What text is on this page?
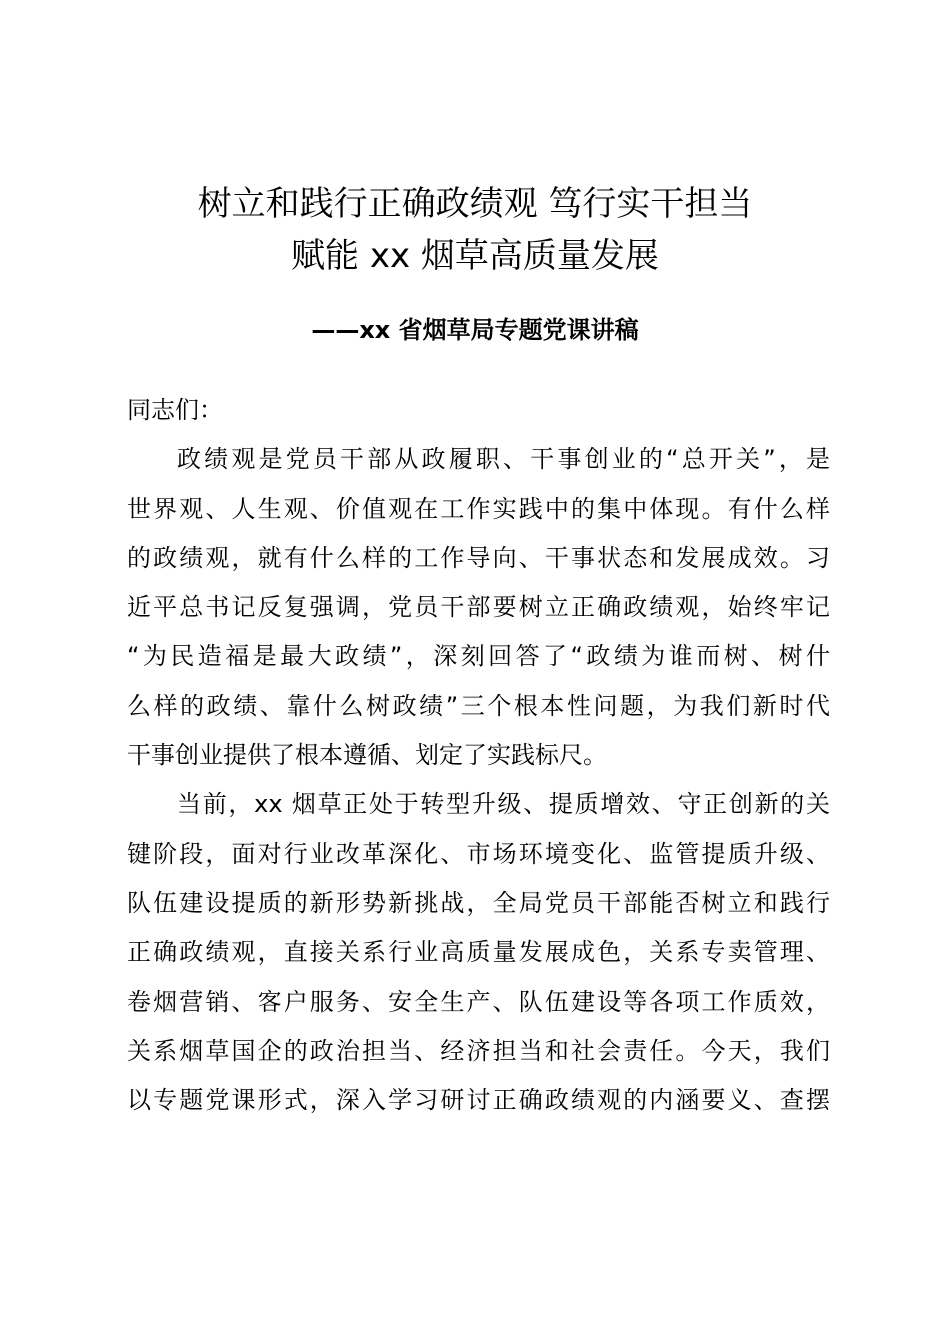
树立和践行正确政绩观 笃行实干担当
赋能 xx 烟草高质量发展
——xx 省烟草局专题党课讲稿

同志们：

政绩观是党员干部从政履职、干事创业的“总开关”，是
世界观、人生观、价值观在工作实践中的集中体现。有什么样
的政绩观，就有什么样的工作导向、干事状态和发展成效。习
近平总书记反复强调，党员干部要树立正确政绩观，始终牢记
“为民造福是最大政绩”，深刻回答了“政绩为谁而树、树什
么样的政绩、靠什么树政绩”三个根本性问题，为我们新时代
干事创业提供了根本遵循、划定了实践标尺。
当前，xx 烟草正处于转型升级、提质增效、守正创新的关
键阶段，面对行业改革深化、市场环境变化、监管提质升级、
队伍建设提质的新形势新挑战，全局党员干部能否树立和践行
正确政绩观，直接关系行业高质量发展成色，关系专卖管理、
卷烟营销、客户服务、安全生产、队伍建设等各项工作质效，
关系烟草国企的政治担当、经济担当和社会责任。今天，我们
以专题党课形式，深入学习研讨正确政绩观的内涵要义、查摆
